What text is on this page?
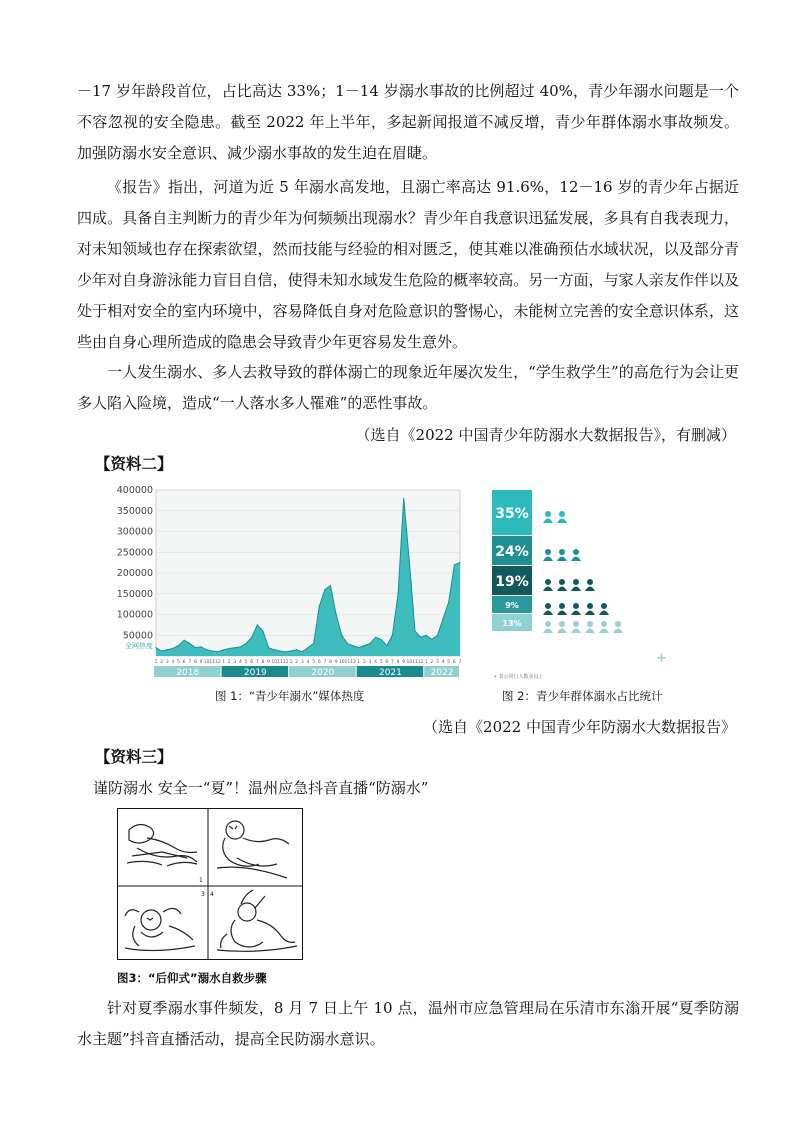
－17 岁年龄段首位，占比高达 33%；1－14 岁溺水事故的比例超过 40%，青少年溺水问题是一个不容忽视的安全隐患。截至 2022 年上半年，多起新闻报道不减反增，青少年群体溺水事故频发。加强防溺水安全意识、减少溺水事故的发生迫在眉睫。

《报告》指出，河道为近 5 年溺水高发地，且溺亡率高达 91.6%，12－16 岁的青少年占据近四成。具备自主判断力的青少年为何频频出现溺水？青少年自我意识迅猛发展，多具有自我表现力，对未知领域也存在探索欲望，然而技能与经验的相对匮乏，使其难以准确预估水域状况，以及部分青少年对自身游泳能力盲目自信，使得未知水域发生危险的概率较高。另一方面，与家人亲友作伴以及处于相对安全的室内环境中，容易降低自身对危险意识的警惕心，未能树立完善的安全意识体系，这些由自身心理所造成的隐患会导致青少年更容易发生意外。

一人发生溺水、多人去救导致的群体溺亡的现象近年屡次发生，“学生救学生”的高危行为会让更多人陷入险境，造成“一人落水多人罹难”的恶性事故。

（选自《2022 中国青少年防溺水大数据报告》，有删减）
【资料二】
50000
100000
150000
200000
250000
300000
350000
400000
全网热度
1 2 3 4 5 6 7 8 9 10 11 12 1 2 3 4 5 6 7 8 9 10 11 12 1 2 3 4 5 6 7 8 9 10 11 12 1 2 3 4 5 6 7 8 9 10 11 12 1 2 3 4 5 6 7
2018	2019	2020	2021	2022
35%
24%
19%
9%
13%
+
• 表示同行人数及以上
图 1：“青少年溺水”媒体热度	图 2：青少年群体溺水占比统计
（选自《2022 中国青少年防溺水大数据报告》
【资料三】
谨防溺水 安全一“夏”！温州应急抖音直播“防溺水”
1
3 4
图3：“后仰式”溺水自救步骤

针对夏季溺水事件频发，8 月 7 日上午 10 点，温州市应急管理局在乐清市东滃开展“夏季防溺水主题”抖音直播活动，提高全民防溺水意识。
